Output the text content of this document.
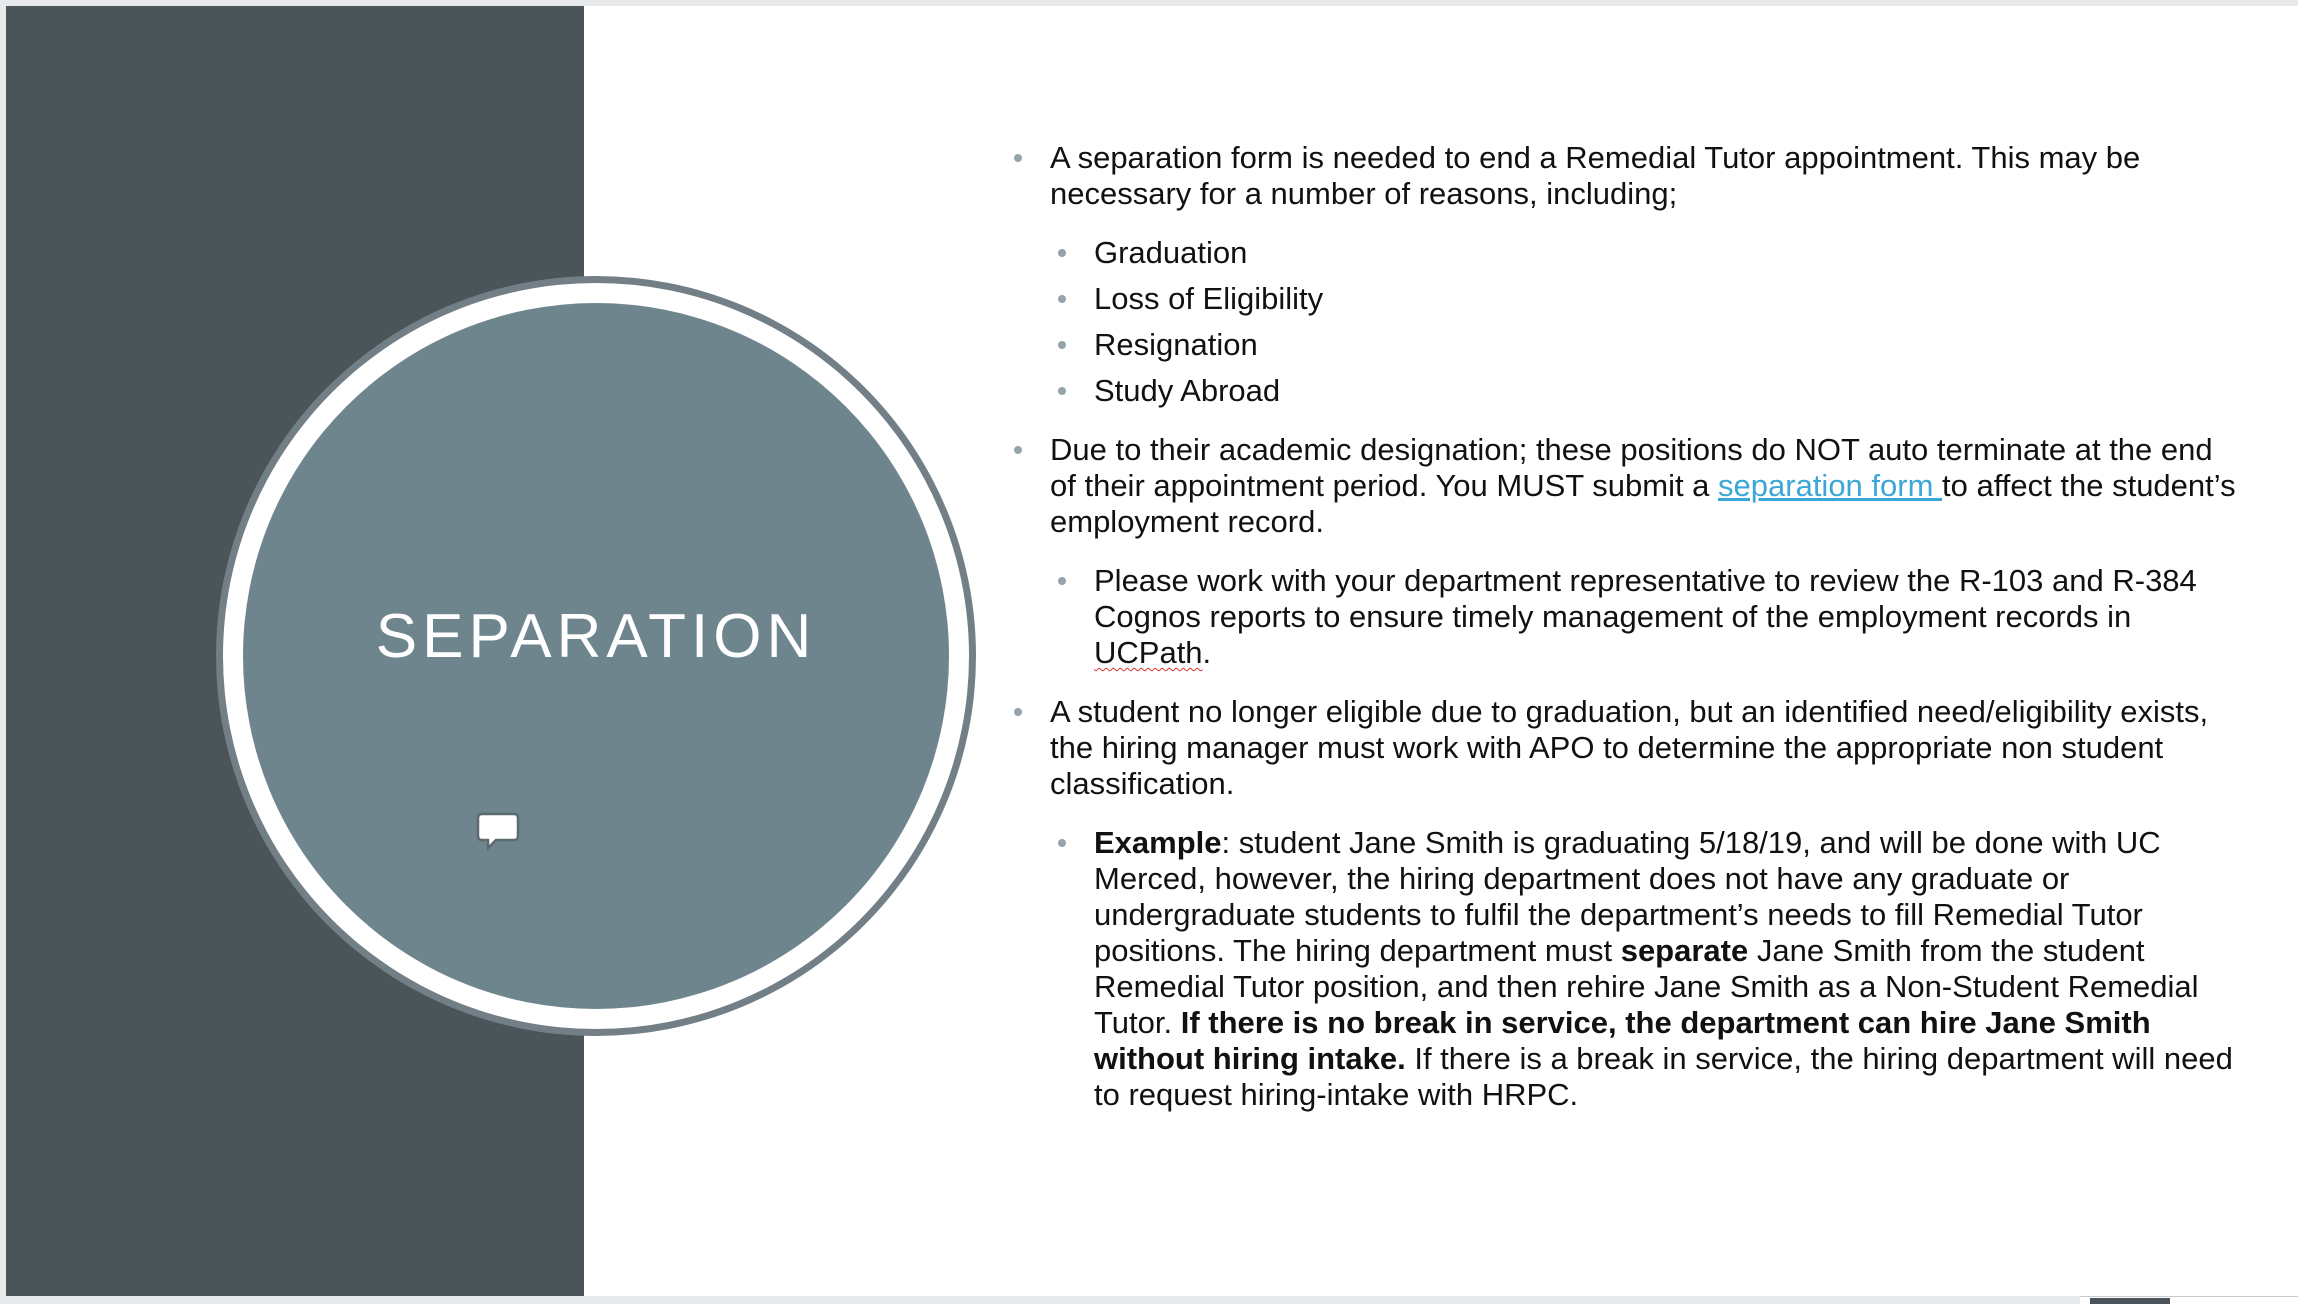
SEPARATION
A separation form is needed to end a Remedial Tutor appointment. This may be necessary for a number of reasons, including;
Graduation
Loss of Eligibility
Resignation
Study Abroad
Due to their academic designation; these positions do NOT auto terminate at the end of their appointment period. You MUST submit a separation form to affect the student’s employment record.
Please work with your department representative to review the R-103 and R-384 Cognos reports to ensure timely management of the employment records in UCPath.
A student no longer eligible due to graduation, but an identified need/eligibility exists, the hiring manager must work with APO to determine the appropriate non student classification.
Example: student Jane Smith is graduating 5/18/19, and will be done with UC Merced, however, the hiring department does not have any graduate or undergraduate students to fulfil the department’s needs to fill Remedial Tutor positions. The hiring department must separate Jane Smith from the student Remedial Tutor position, and then rehire Jane Smith as a Non-Student Remedial Tutor. If there is no break in service, the department can hire Jane Smith without hiring intake. If there is a break in service, the hiring department will need to request hiring-intake with HRPC.
